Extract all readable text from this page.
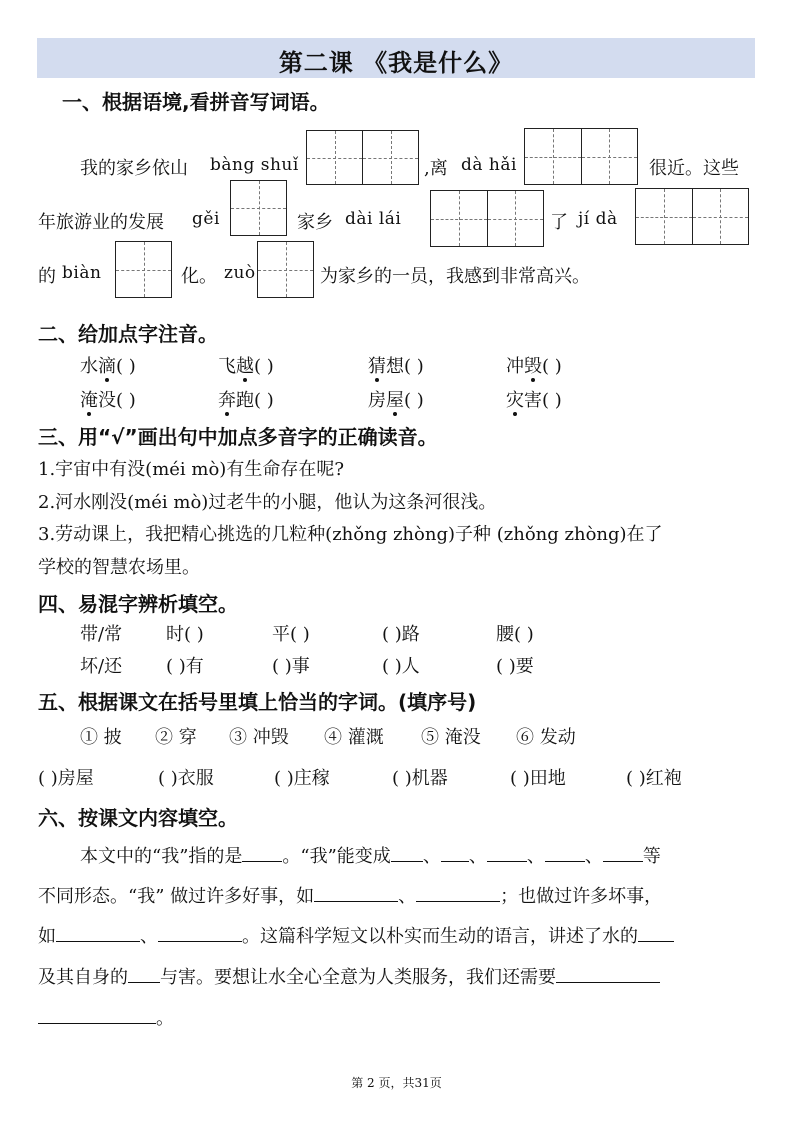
第二课 《我是什么》
一、根据语境,看拼音写词语。
我的家乡依山 bàng shuǐ	,离 dà hǎi	很近。这些
年旅游业的发展 gěi	家乡 dài lái	了 jí dà
的 biàn	化。 zuò	为家乡的一员，我感到非常高兴。
二、给加点字注音。
水滴( )	飞越( )	猜想( )	冲毁( )
淹没( )	奔跑( )	房屋( )	灾害( )
三、用“√”画出句中加点多音字的正确读音。
1.宇宙中有没(méi mò)有生命存在呢?
2.河水刚没(méi mò)过老牛的小腿，他认为这条河很浅。
3.劳动课上，我把精心挑选的几粒种(zhǒng zhòng)子种 (zhǒng zhòng)在了
学校的智慧农场里。
四、易混字辨析填空。
带/常 时( )	平( )	( )路	腰( )
坏/还 ( )有	( )事	( )人	( )要
五、根据课文在括号里填上恰当的字词。(填序号)
① 披 ② 穿 ③ 冲毁 ④ 灌溉 ⑤ 淹没 ⑥ 发动
( )房屋	( )衣服	( )庄稼	( )机器	( )田地	( )红袍
六、按课文内容填空。
本文中的“我”指的是 。“我”能变成 、 、 、 、 等
不同形态。“我” 做过许多好事，如	、	；也做过许多坏事，
如	、	。这篇科学短文以朴实而生动的语言，讲述了水的
及其自身的 与害。要想让水全心全意为人类服务，我们还需要
。
第 2 页，共31页
